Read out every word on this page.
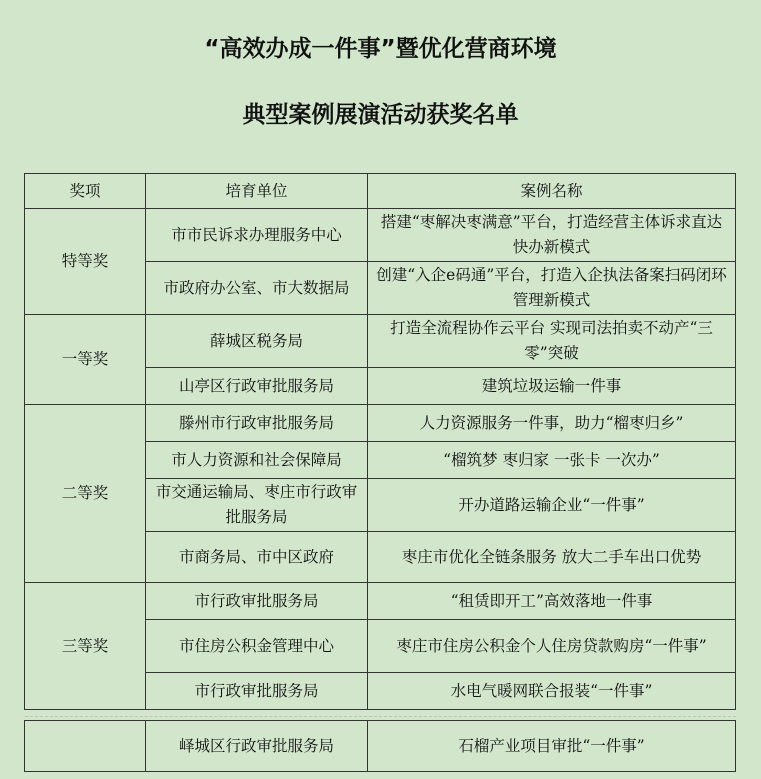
“高效办成一件事”暨优化营商环境
典型案例展演活动获奖名单
奖项	培育单位	案例名称
特等奖	市市民诉求办理服务中心	搭建“枣解决枣满意”平台，打造经营主体诉求直达快办新模式
	市政府办公室、市大数据局	创建“入企e码通”平台，打造入企执法备案扫码闭环管理新模式
一等奖	薛城区税务局	打造全流程协作云平台 实现司法拍卖不动产“三零”突破
	山亭区行政审批服务局	建筑垃圾运输一件事
二等奖	滕州市行政审批服务局	人力资源服务一件事，助力“榴枣归乡”
	市人力资源和社会保障局	“榴筑梦 枣归家 一张卡 一次办”
	市交通运输局、枣庄市行政审批服务局	开办道路运输企业“一件事”
	市商务局、市中区政府	枣庄市优化全链条服务 放大二手车出口优势
三等奖	市行政审批服务局	“租赁即开工”高效落地一件事
	市住房公积金管理中心	枣庄市住房公积金个人住房贷款购房“一件事”
	市行政审批服务局	水电气暖网联合报装“一件事”

	峄城区行政审批服务局	石榴产业项目审批“一件事”
